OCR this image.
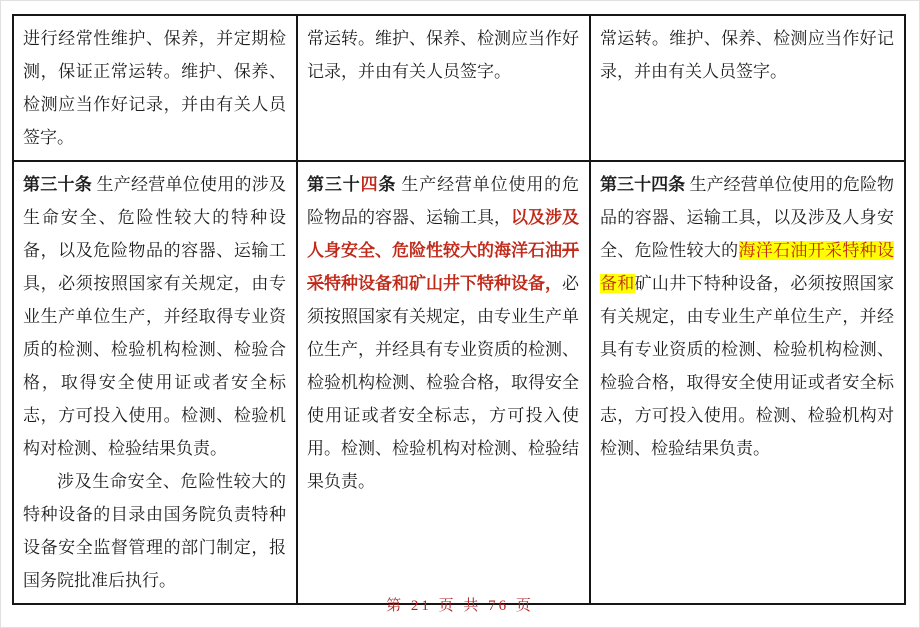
进行经常性维护、保养，并定期检测，保证正常运转。维护、保养、检测应当作好记录，并由有关人员签字。	常运转。维护、保养、检测应当作好记录，并由有关人员签字。	常运转。维护、保养、检测应当作好记录，并由有关人员签字。

第三十条 生产经营单位使用的涉及生命安全、危险性较大的特种设备，以及危险物品的容器、运输工具，必须按照国家有关规定，由专业生产单位生产，并经取得专业资质的检测、检验机构检测、检验合格，取得安全使用证或者安全标志，方可投入使用。检测、检验机构对检测、检验结果负责。
涉及生命安全、危险性较大的特种设备的目录由国务院负责特种设备安全监督管理的部门制定，报国务院批准后执行。	第三十四条 生产经营单位使用的危险物品的容器、运输工具，以及涉及人身安全、危险性较大的海洋石油开采特种设备和矿山井下特种设备，必须按照国家有关规定，由专业生产单位生产，并经具有专业资质的检测、检验机构检测、检验合格，取得安全使用证或者安全标志，方可投入使用。检测、检验机构对检测、检验结果负责。	第三十四条 生产经营单位使用的危险物品的容器、运输工具，以及涉及人身安全、危险性较大的海洋石油开采特种设备和矿山井下特种设备，必须按照国家有关规定，由专业生产单位生产，并经具有专业资质的检测、检验机构检测、检验合格，取得安全使用证或者安全标志，方可投入使用。检测、检验机构对检测、检验结果负责。
第 21 页 共 76 页
